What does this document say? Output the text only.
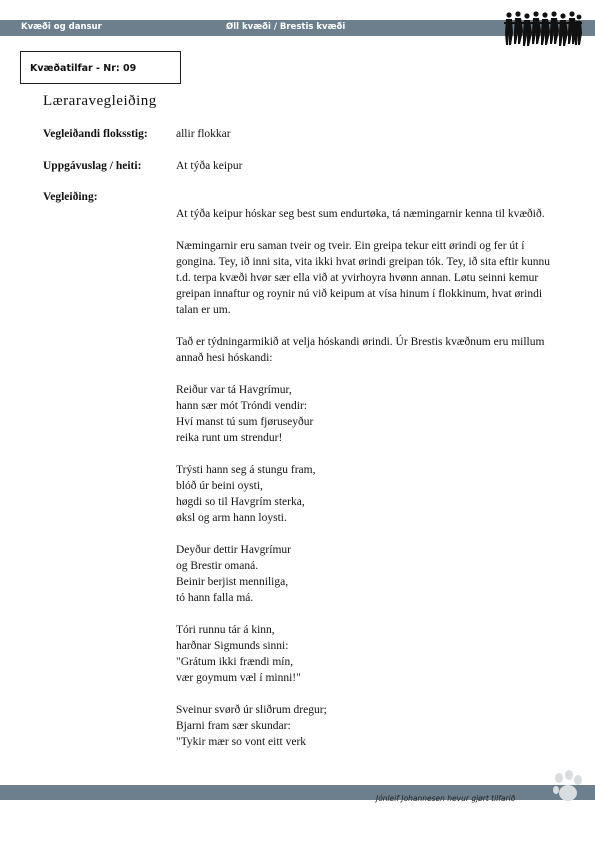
Kvæði og dansur	Øll kvæði / Brestis kvæði
Kvæðatilfar - Nr: 09
Læraravegleiðing
Vegleiðandi floksstig: allir flokkar
Uppgávuslag / heiti:	At týða keipur
Vegleiðing:

At týða keipur hóskar seg best sum endurtøka, tá næmingarnir kenna til kvæðið.

Næmingarnir eru saman tveir og tveir. Ein greipa tekur eitt ørindi og fer út í gongina. Tey, ið inni sita, vita ikki hvat ørindi greipan tók. Tey, ið sita eftir kunnu t.d. terpa kvæði hvør sær ella við at yvirhoyra hvønn annan. Løtu seinni kemur greipan innaftur og roynir nú við keipum at vísa hinum í flokkinum, hvat ørindi talan er um.

Tað er týdningarmikið at velja hóskandi ørindi. Úr Brestis kvæðnum eru millum annað hesi hóskandi:

Reiður var tá Havgrímur,
hann sær mót Tróndi vendir:
Hví manst tú sum fjøruseyður
reika runt um strendur!

Trýsti hann seg á stungu fram,
blóð úr beini oysti,
høgdi so til Havgrím sterka,
øksl og arm hann loysti.

Deyður dettir Havgrímur
og Brestir omaná.
Beinir berjist menniliga,
tó hann falla má.

Tóri runnu tár á kinn,
harðnar Sigmunds sinni:
"Grátum ikki frændi mín,
vær goymum væl í minni!"

Sveinur svørð úr sliðrum dregur;
Bjarni fram sær skundar:
"Tykir mær so vont eitt verk

Jónleif Johannesen hevur gjørt tilfarið
